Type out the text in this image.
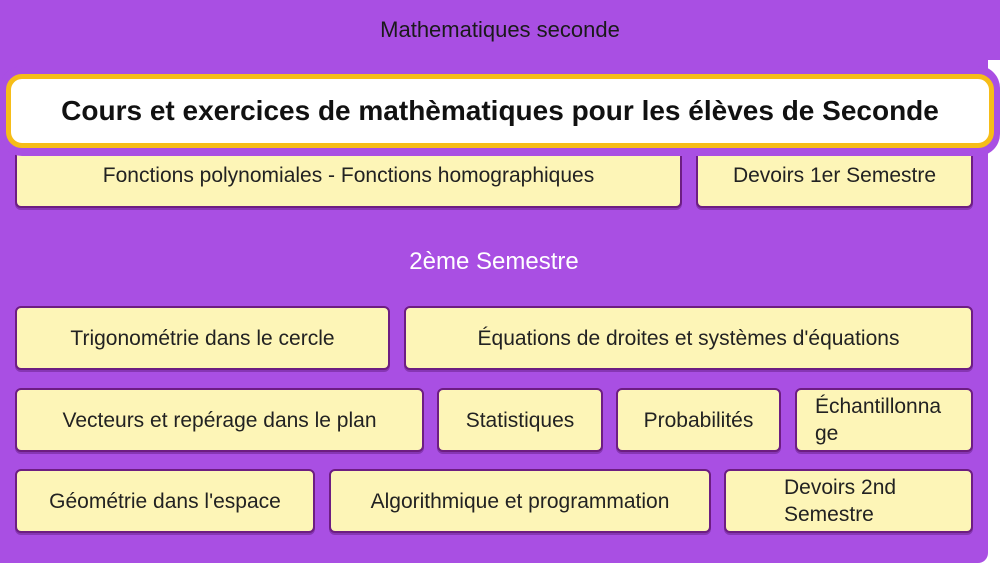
Mathematiques seconde
Fonctions polynomiales - Fonctions homographiques	Devoirs 1er Semestre
Cours et exercices de mathèmatiques pour les élèves de Seconde
2ème Semestre
Trigonométrie dans le cercle	Équations de droites et systèmes d'équations
Vecteurs et repérage dans le plan	Statistiques	Probabilités
Échantillonna ge
Géométrie dans l'espace	Algorithmique et programmation
Devoirs 2nd Semestre
